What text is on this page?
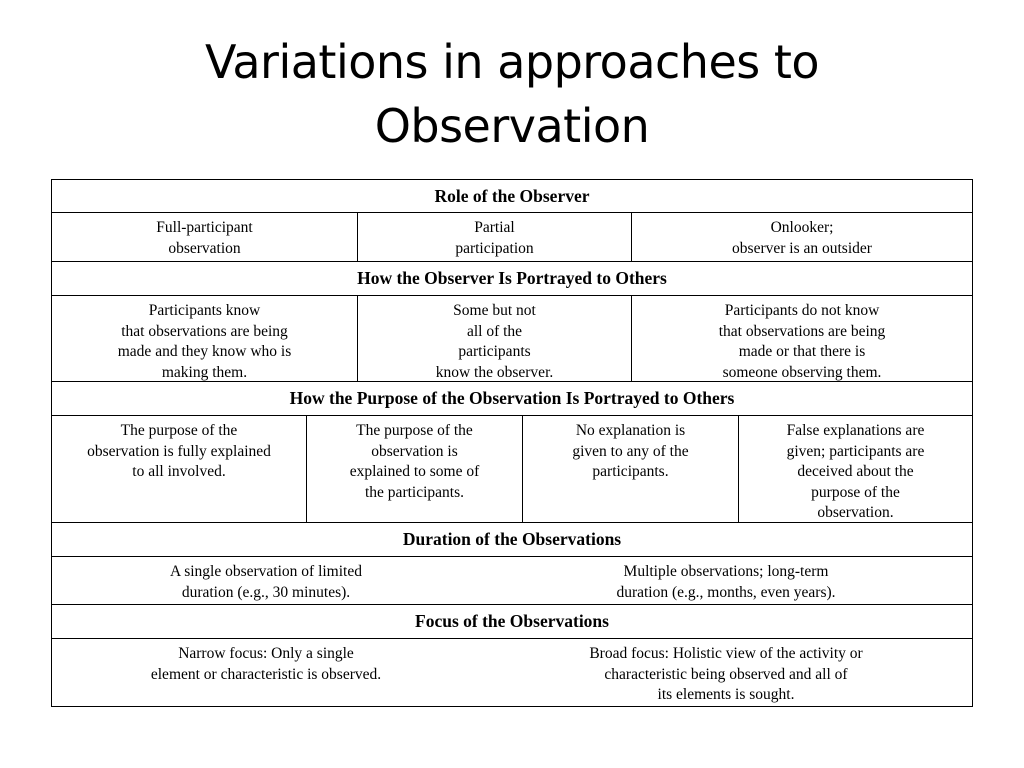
Variations in approaches to
Observation
Role of the Observer
Full-participant
observation
Partial
participation
Onlooker;
observer is an outsider
How the Observer Is Portrayed to Others
Participants know
that observations are being
made and they know who is
making them.
Some but not
all of the
participants
know the observer.
Participants do not know
that observations are being
made or that there is
someone observing them.
How the Purpose of the Observation Is Portrayed to Others
The purpose of the
observation is fully explained
to all involved.
The purpose of the
observation is
explained to some of
the participants.
No explanation is
given to any of the
participants.
False explanations are
given; participants are
deceived about the
purpose of the
observation.
Duration of the Observations
A single observation of limited
duration (e.g., 30 minutes).
Multiple observations; long-term
duration (e.g., months, even years).
Focus of the Observations
Narrow focus: Only a single
element or characteristic is observed.
Broad focus: Holistic view of the activity or
characteristic being observed and all of
its elements is sought.
